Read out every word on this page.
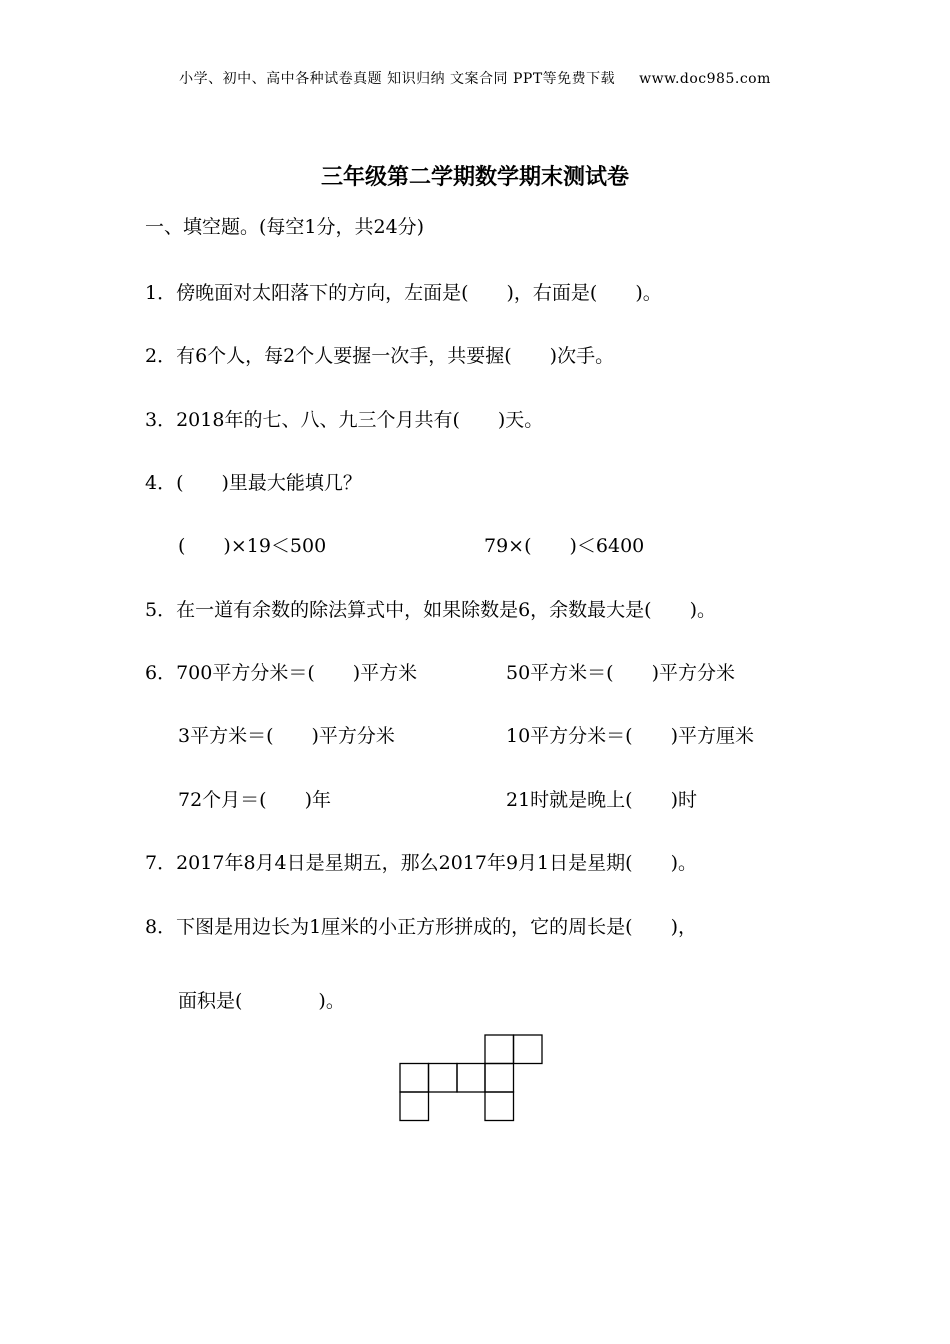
小学、初中、高中各种试卷真题 知识归纳 文案合同 PPT等免费下载 www.doc985.com
三年级第二学期数学期末测试卷
一、填空题。(每空1分，共24分)
1．傍晚面对太阳落下的方向，左面是(　　)，右面是(　　)。
2．有6个人，每2个人要握一次手，共要握(　　)次手。
3．2018年的七、八、九三个月共有(　　)天。
4．(　　)里最大能填几？
(　　)×19＜500	79×(　　)＜6400
5．在一道有余数的除法算式中，如果除数是6，余数最大是(　　)。
6．700平方分米＝(　　)平方米	50平方米＝(　　)平方分米
3平方米＝(　　)平方分米	10平方分米＝(　　)平方厘米
72个月＝(　　)年	21时就是晚上(　　)时
7．2017年8月4日是星期五，那么2017年9月1日是星期(　　)。
8．下图是用边长为1厘米的小正方形拼成的，它的周长是(　　)，
面积是(　　　　)。
